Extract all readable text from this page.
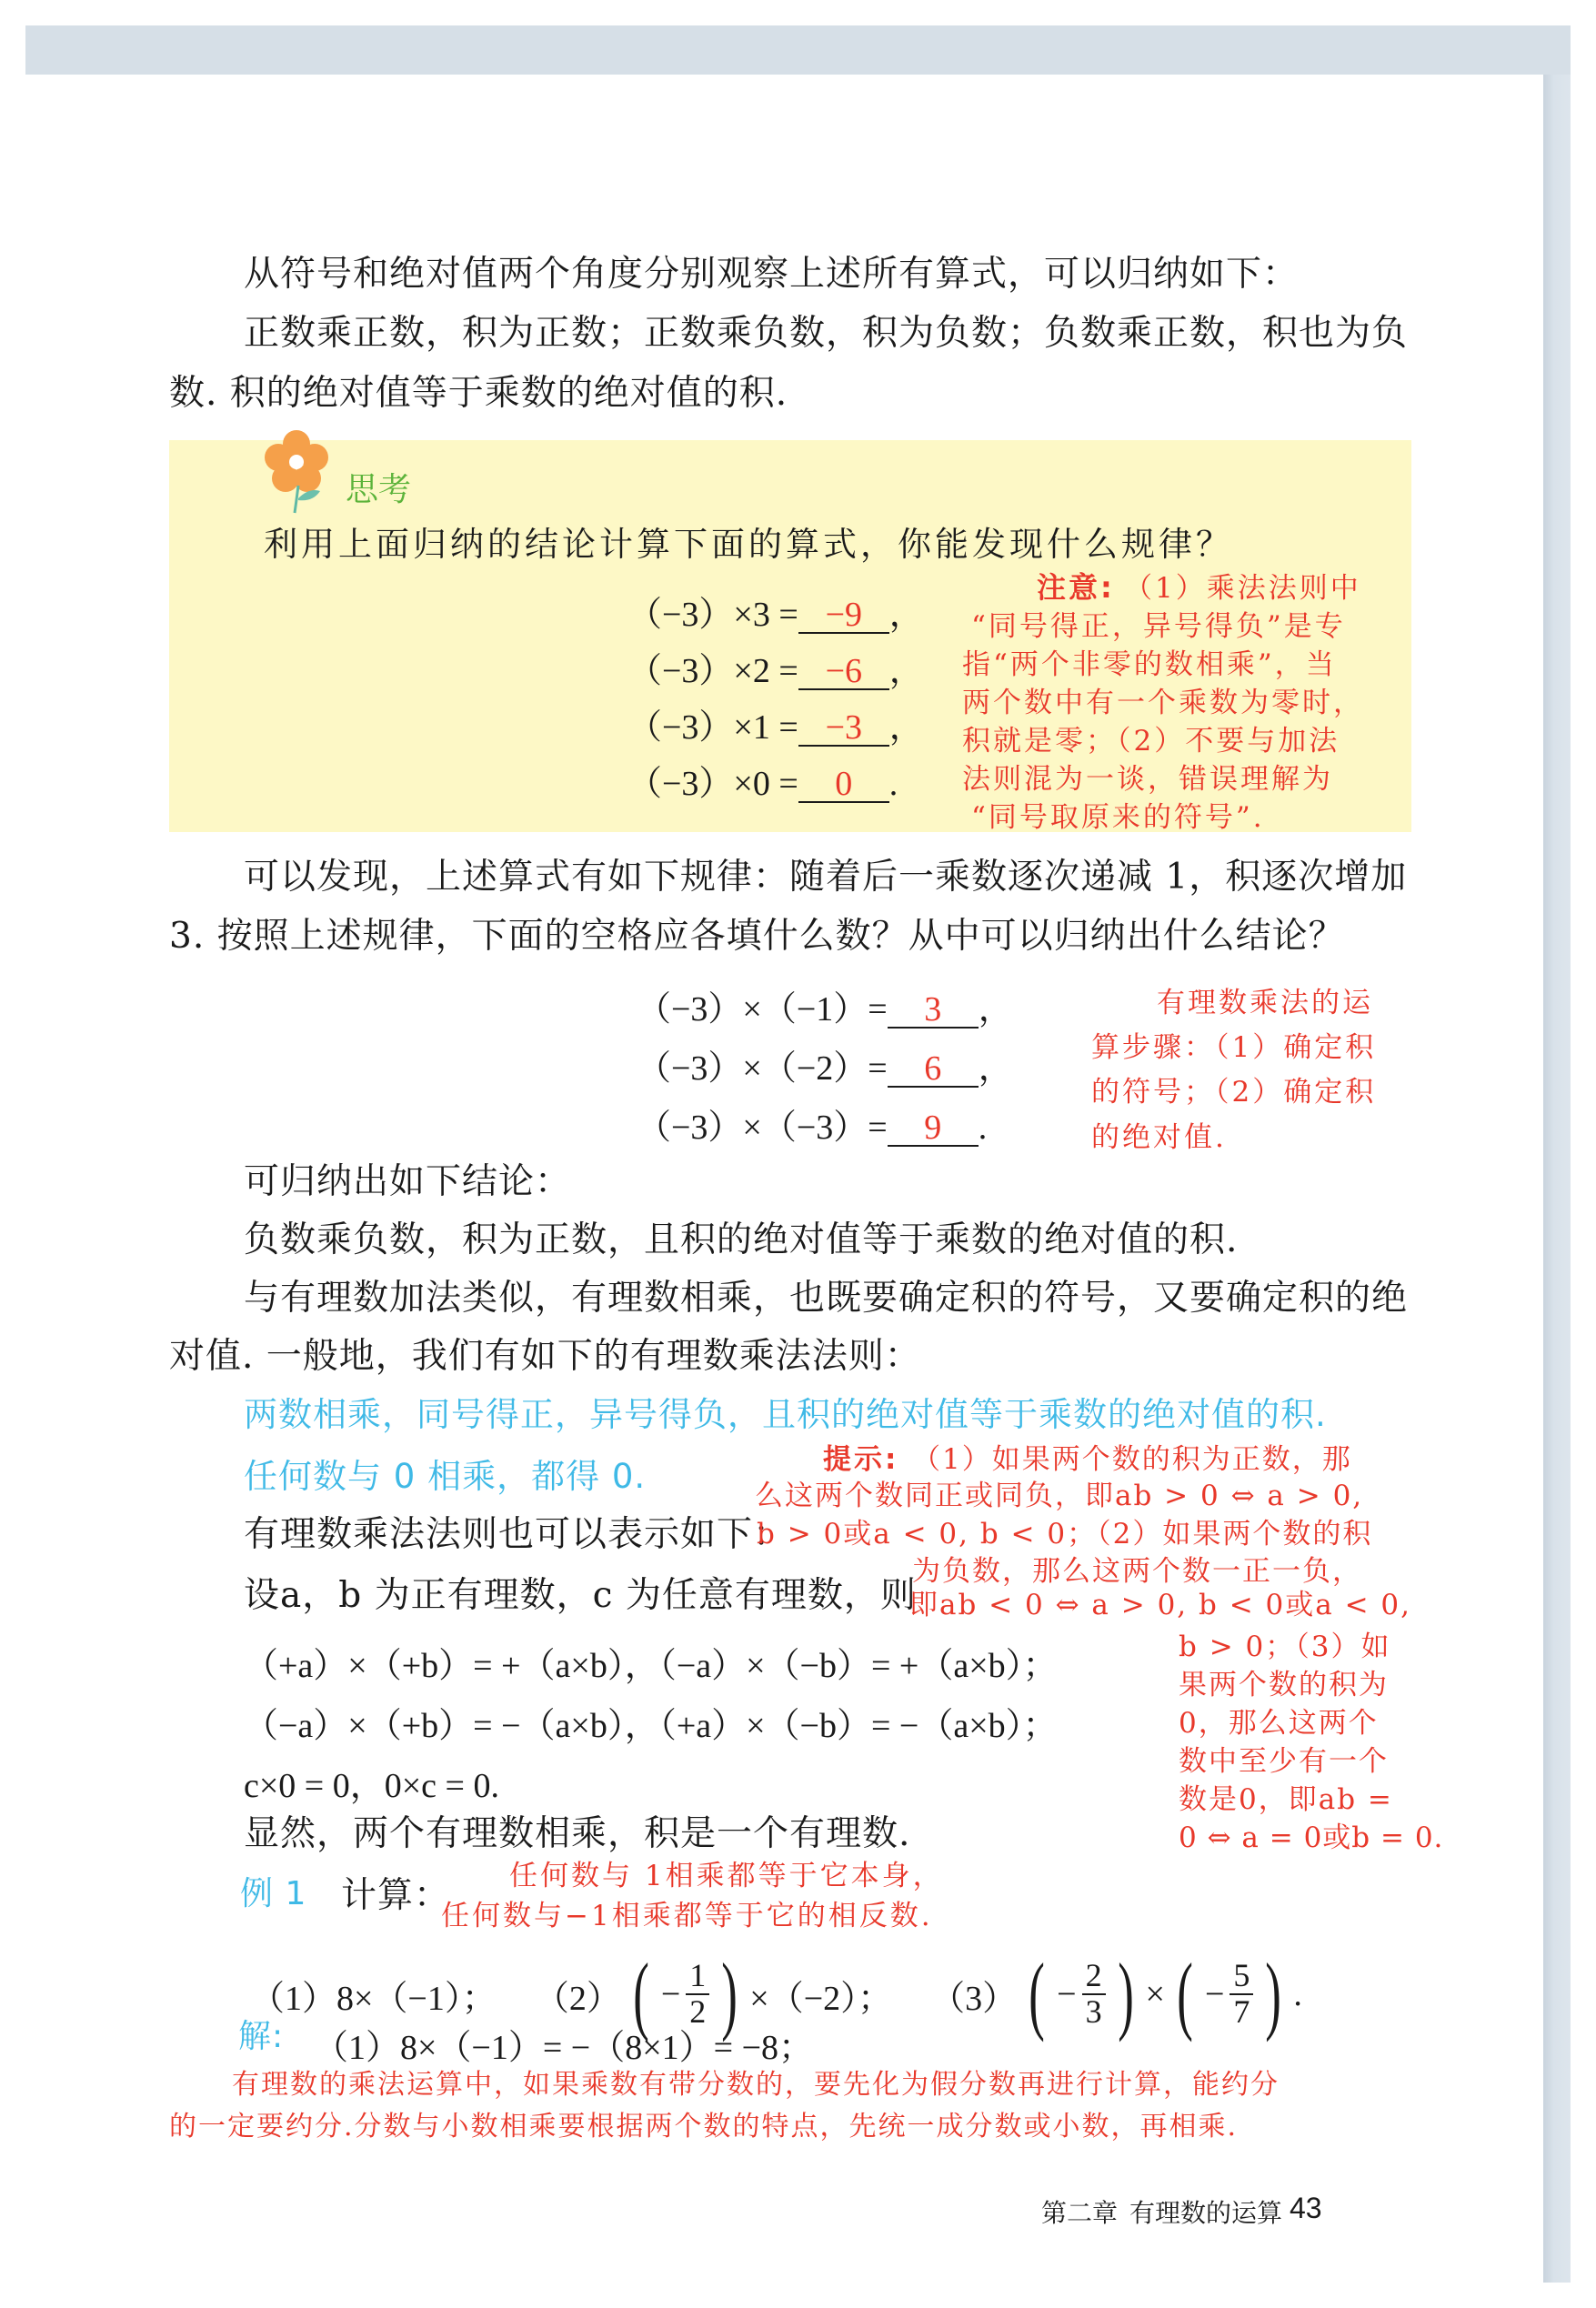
从符号和绝对值两个角度分别观察上述所有算式，可以归纳如下：
正数乘正数，积为正数；正数乘负数，积为负数；负数乘正数，积也为负
数. 积的绝对值等于乘数的绝对值的积.
思考
利用上面归纳的结论计算下面的算式，你能发现什么规律？
（−3）×3 = −9 ，
（−3）×2 = −6 ，
（−3）×1 = −3 ，
（−3）×0 = 0 .
注意: （1）乘法法则中
“同号得正，异号得负”是专
指“两个非零的数相乘”，当
两个数中有一个乘数为零时，
积就是零；（2）不要与加法
法则混为一谈，错误理解为
“同号取原来的符号”.
可以发现，上述算式有如下规律：随着后一乘数逐次递减 1，积逐次增加
3. 按照上述规律，下面的空格应各填什么数？从中可以归纳出什么结论？
（−3）×（−1）= 3 ，
（−3）×（−2）= 6 ，
（−3）×（−3）= 9 .
有理数乘法的运
算步骤：（1）确定积
的符号；（2）确定积
的绝对值.
可归纳出如下结论：
负数乘负数，积为正数，且积的绝对值等于乘数的绝对值的积.
与有理数加法类似，有理数相乘，也既要确定积的符号，又要确定积的绝
对值. 一般地，我们有如下的有理数乘法法则：
两数相乘，同号得正，异号得负，且积的绝对值等于乘数的绝对值的积.
任何数与 0 相乘，都得 0.
有理数乘法法则也可以表示如下：
设a，b 为正有理数，c 为任意有理数，则
（+a）×（+b）= +（a×b），（−a）×（−b）= +（a×b）；
（−a）×（+b）= −（a×b），（+a）×（−b）= −（a×b）；
c×0 = 0，0×c = 0.
显然，两个有理数相乘，积是一个有理数.
提示: （1）如果两个数的积为正数，那
么这两个数同正或同负，即ab > 0 ⇔ a > 0,
b > 0或a < 0, b < 0；（2）如果两个数的积
为负数，那么这两个数一正一负，
即ab < 0 ⇔ a > 0, b < 0或a < 0,
b > 0；（3）如
果两个数的积为
0，那么这两个
数中至少有一个
数是0，即ab =
0 ⇔ a = 0或b = 0.
例 1 计算： 任何数与 1相乘都等于它本身，
任何数与−1相乘都等于它的相反数.
（1）8×（−1）； （2） ( − $\frac{1}{2}$ ) ×（−2）； （3） ( − $\frac{2}{3}$ ) × ( − $\frac{5}{7}$ ) .
解: （1）8×（−1）= −（8×1）= −8；
有理数的乘法运算中，如果乘数有带分数的，要先化为假分数再进行计算，能约分
的一定要约分.分数与小数相乘要根据两个数的特点，先统一成分数或小数，再相乘.
第二章 有理数的运算 43
